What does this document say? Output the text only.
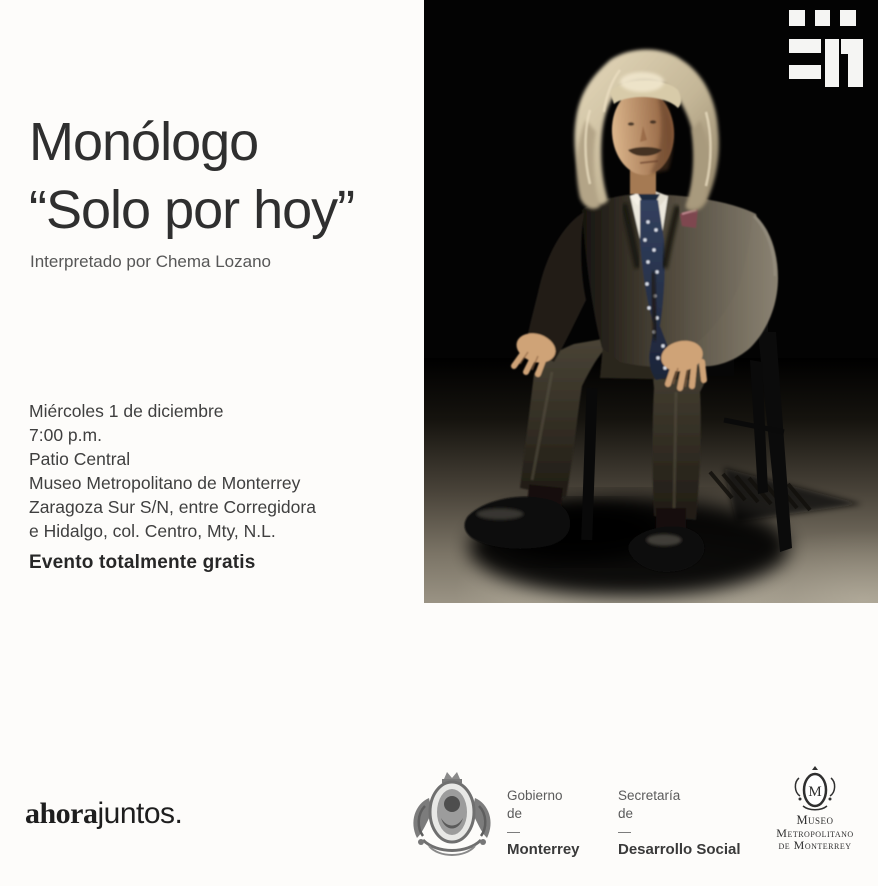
Monólogo
“Solo por hoy”
Interpretado por Chema Lozano
Miércoles 1 de diciembre
7:00 p.m.
Patio Central
Museo Metropolitano de Monterrey
Zaragoza Sur S/N, entre Corregidora
e Hidalgo, col. Centro, Mty, N.L.
Evento totalmente gratis
ahorajuntos.
Gobierno
de
—
Monterrey
Secretaría
de
—
Desarrollo Social
M
Museo
Metropolitano
de Monterrey
